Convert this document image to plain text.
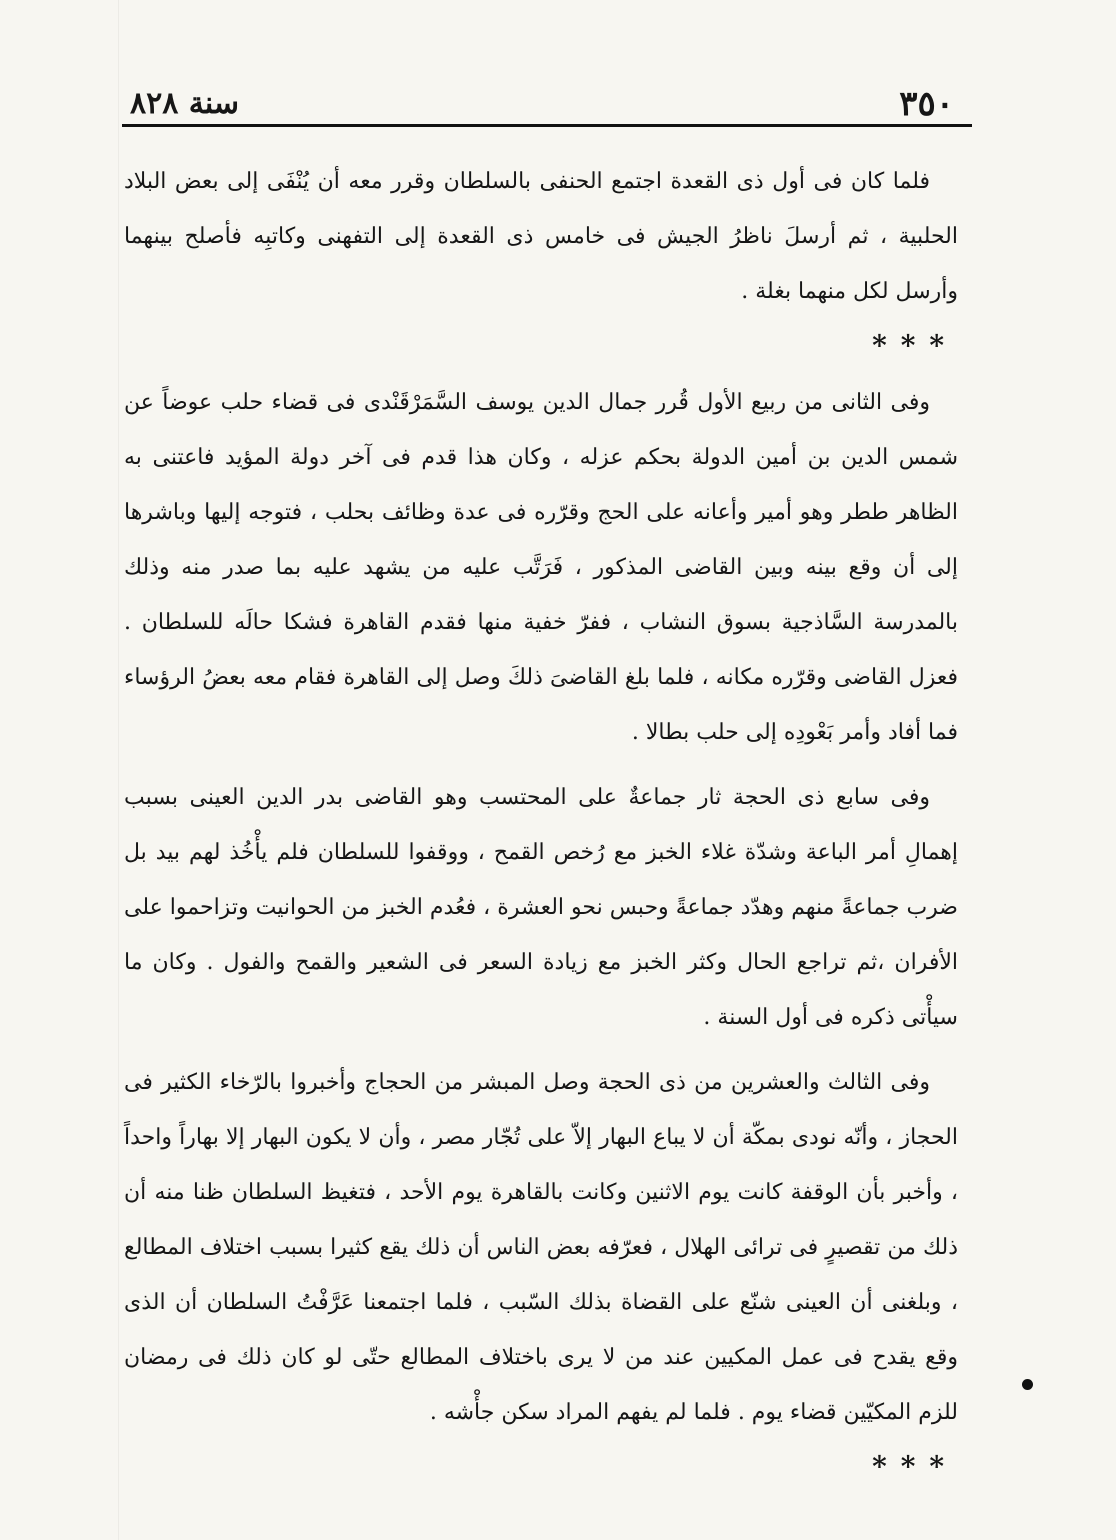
٣٥٠
سنة ٨٢٨

فلما كان فى أول ذى القعدة اجتمع الحنفى بالسلطان وقرر معه أن يُنْفَى إلى بعض البلاد الحلبية ، ثم أرسلَ ناظرُ الجيش فى خامس ذى القعدة إلى التفهنى وكاتبِه فأصلح بينهما وأرسل لكل منهما بغلة .

***

وفى الثانى من ربيع الأول قُرر جمال الدين يوسف السَّمَرْقَنْدى فى قضاء حلب عوضاً عن شمس الدين بن أمين الدولة بحكم عزله ، وكان هذا قدم فى آخر دولة المؤيد فاعتنى به الظاهر ططر وهو أمير وأعانه على الحج وقرّره فى عدة وظائف بحلب ، فتوجه إليها وباشرها إلى أن وقع بينه وبين القاضى المذكور ، فَرَتَّب عليه من يشهد عليه بما صدر منه وذلك بالمدرسة السَّاذجية بسوق النشاب ، ففرّ خفية منها فقدم القاهرة فشكا حالَه للسلطان . فعزل القاضى وقرّره مكانه ، فلما بلغ القاضىَ ذلكَ وصل إلى القاهرة فقام معه بعضُ الرؤساء فما أفاد وأمر بَعْودِه إلى حلب بطالا .

وفى سابع ذى الحجة ثار جماعةٌ على المحتسب وهو القاضى بدر الدين العينى بسبب إهمالِ أمر الباعة وشدّة غلاء الخبز مع رُخص القمح ، ووقفوا للسلطان فلم يأْخُذ لهم بيد بل ضرب جماعةً منهم وهدّد جماعةً وحبس نحو العشرة ، فعُدم الخبز من الحوانيت وتزاحموا على الأفران ،ثم تراجع الحال وكثر الخبز مع زيادة السعر فى الشعير والقمح والفول . وكان ما سيأْتى ذكره فى أول السنة .

وفى الثالث والعشرين من ذى الحجة وصل المبشر من الحجاج وأخبروا بالرّخاء الكثير فى الحجاز ، وأنّه نودى بمكّة أن لا يباع البهار إلاّ على تُجّار مصر ، وأن لا يكون البهار إلا بهاراً واحداً ، وأخبر بأن الوقفة كانت يوم الاثنين وكانت بالقاهرة يوم الأحد ، فتغيظ السلطان ظنا منه أن ذلك من تقصيرٍ فى ترائى الهلال ، فعرّفه بعض الناس أن ذلك يقع كثيرا بسبب اختلاف المطالع ، وبلغنى أن العينى شنّع على القضاة بذلك السّبب ، فلما اجتمعنا عَرَّفْتُ السلطان أن الذى وقع يقدح فى عمل المكيين عند من لا يرى باختلاف المطالع حتّى لو كان ذلك فى رمضان للزم المكيّين قضاء يوم . فلما لم يفهم المراد سكن جأْشه .

***
